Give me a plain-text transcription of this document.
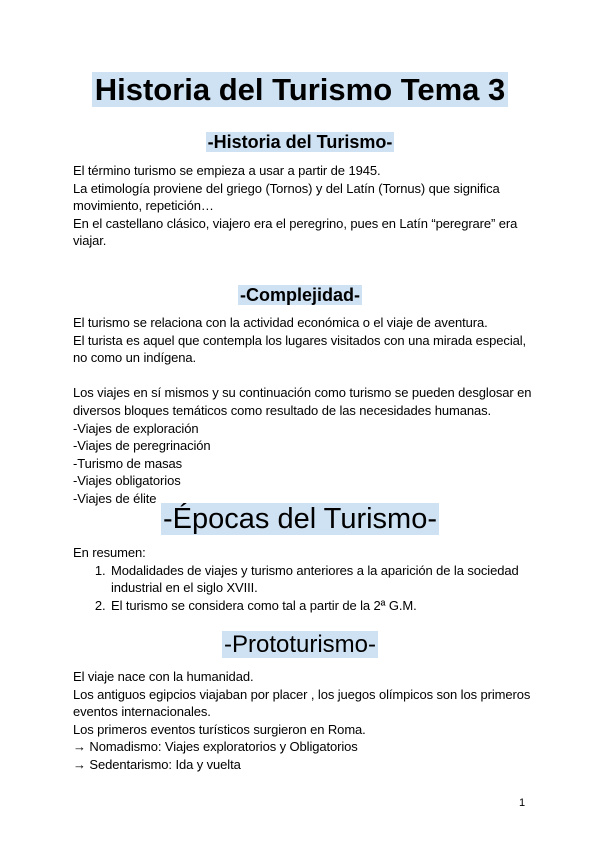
Historia del Turismo Tema 3
-Historia del Turismo-

El término turismo se empieza a usar a partir de 1945.

La etimología proviene del griego (Tornos) y del Latín (Tornus) que significa movimiento, repetición…

En el castellano clásico, viajero era el peregrino, pues en Latín “peregrare” era viajar.

-Complejidad-

El turismo se relaciona con la actividad económica o el viaje de aventura.

El turista es aquel que contempla los lugares visitados con una mirada especial, no como un indígena.

Los viajes en sí mismos y su continuación como turismo se pueden desglosar en diversos bloques temáticos como resultado de las necesidades humanas.

-Viajes de exploración

-Viajes de peregrinación

-Turismo de masas

-Viajes obligatorios

-Viajes de élite

-Épocas del Turismo-

En resumen:

1. Modalidades de viajes y turismo anteriores a la aparición de la sociedad industrial en el siglo XVIII.
2. El turismo se considera como tal a partir de la 2ª G.M.
-Prototurismo-

El viaje nace con la humanidad.

Los antiguos egipcios viajaban por placer , los juegos olímpicos son los primeros eventos internacionales.

Los primeros eventos turísticos surgieron en Roma.

→ Nomadismo: Viajes exploratorios y Obligatorios

→ Sedentarismo: Ida y vuelta

1
